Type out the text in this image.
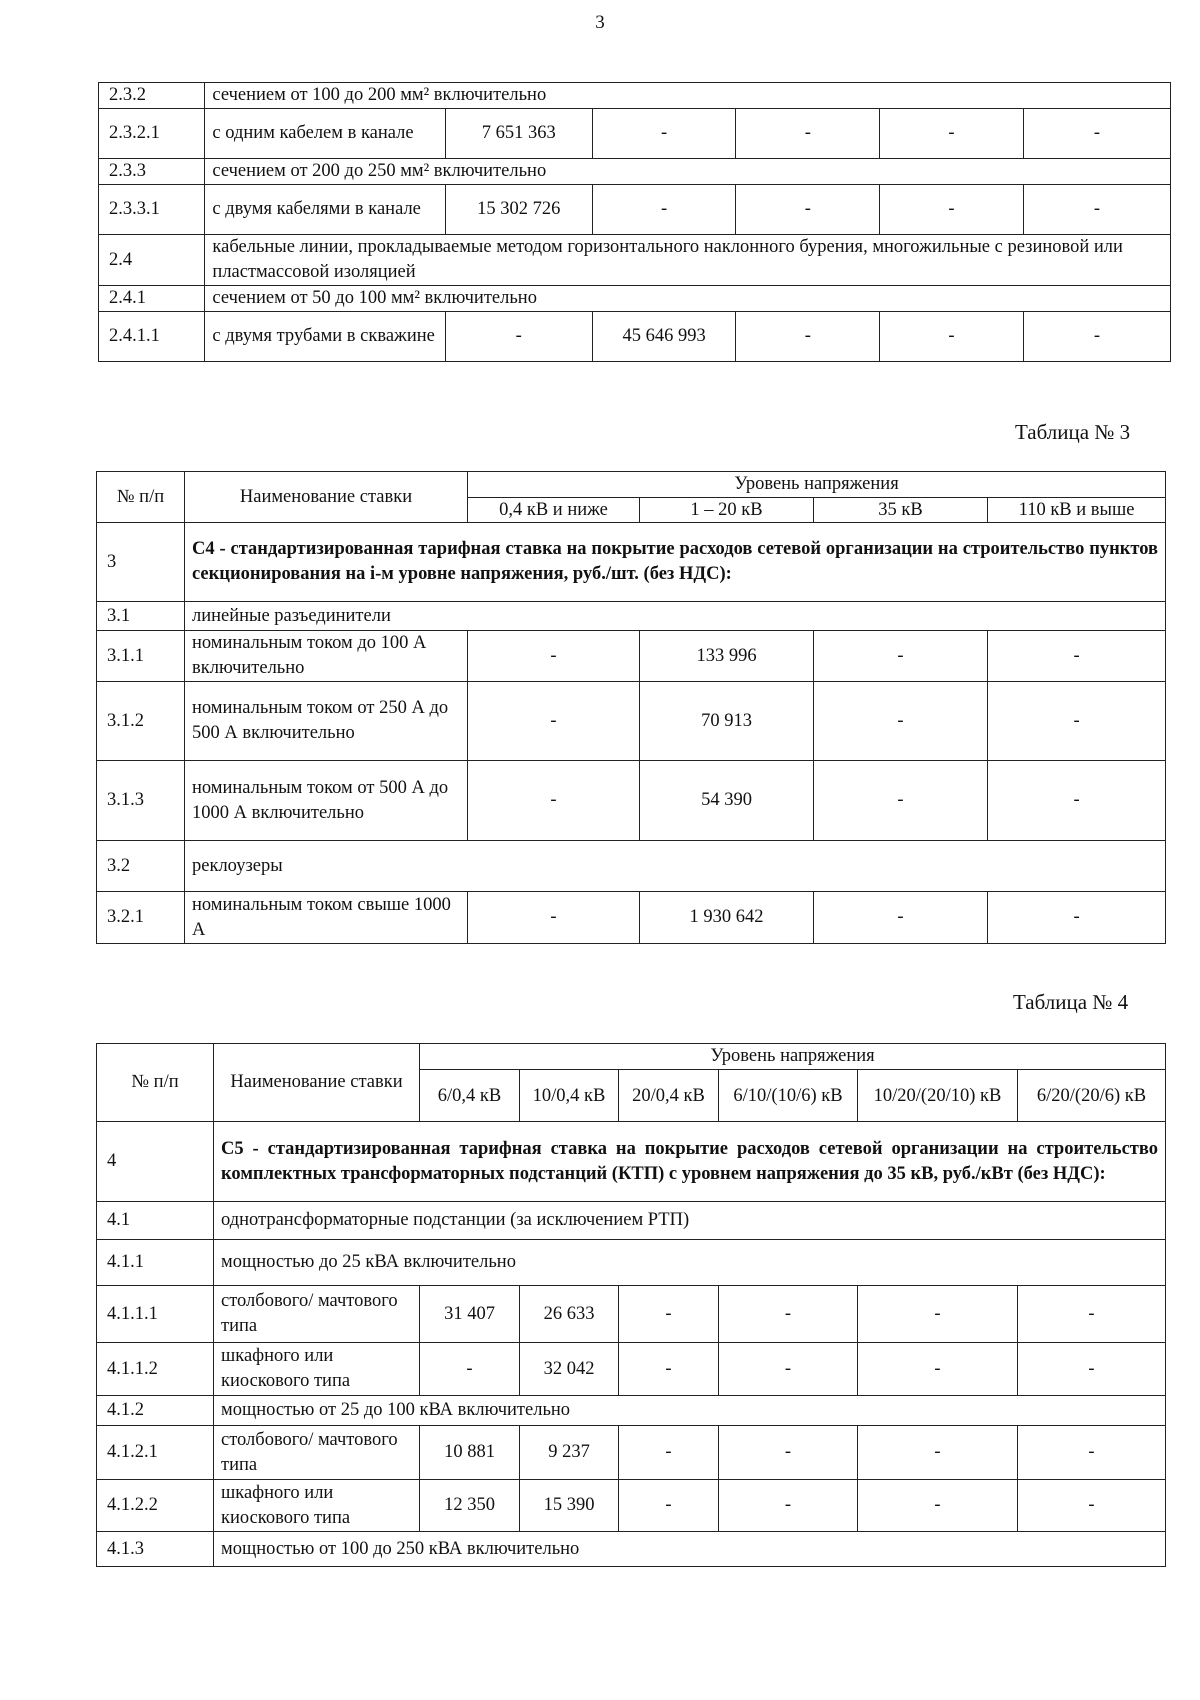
3
2.3.2	сечением от 100 до 200 мм² включительно					
2.3.2.1	с одним кабелем в канале	7 651 363	-	-	-	-
2.3.3	сечением от 200 до 250 мм² включительно					
2.3.3.1	с двумя кабелями в канале	15 302 726	-	-	-	-
2.4	кабельные линии, прокладываемые методом горизонтального наклонного бурения, многожильные с резиновой или пластмассовой изоляцией					
2.4.1	сечением от 50 до 100 мм² включительно					
2.4.1.1	с двумя трубами в скважине	-	45 646 993	-	-	-
Таблица № 3
№ п/п	Наименование ставки	Уровень напряжения			
		0,4 кВ и ниже	1 – 20 кВ	35 кВ	110 кВ и выше
3	С4 - стандартизированная тарифная ставка на покрытие расходов сетевой организации на строительство пунктов секционирования на i-м уровне напряжения, руб./шт. (без НДС):				
3.1	линейные разъединители				
3.1.1	номинальным током до 100 А включительно	-	133 996	-	-
3.1.2	номинальным током от 250 А до 500 А включительно	-	70 913	-	-
3.1.3	номинальным током от 500 А до 1000 А включительно	-	54 390	-	-
3.2	реклоузеры				
3.2.1	номинальным током свыше 1000 А	-	1 930 642	-	-
Таблица № 4
№ п/п	Наименование ставки	Уровень напряжения					
		6/0,4 кВ	10/0,4 кВ	20/0,4 кВ	6/10/(10/6) кВ	10/20/(20/10) кВ	6/20/(20/6) кВ
4	С5 - стандартизированная тарифная ставка на покрытие расходов сетевой организации на строительство комплектных трансформаторных подстанций (КТП) с уровнем напряжения до 35 кВ, руб./кВт (без НДС):						
4.1	однотрансформаторные подстанции (за исключением РТП)						
4.1.1	мощностью до 25 кВА включительно						
4.1.1.1	столбового/ мачтового типа	31 407	26 633	-	-	-	-
4.1.1.2	шкафного или киоскового типа	-	32 042	-	-	-	-
4.1.2	мощностью от 25 до 100 кВА включительно						
4.1.2.1	столбового/ мачтового типа	10 881	9 237	-	-	-	-
4.1.2.2	шкафного или киоскового типа	12 350	15 390	-	-	-	-
4.1.3	мощностью от 100 до 250 кВА включительно						
